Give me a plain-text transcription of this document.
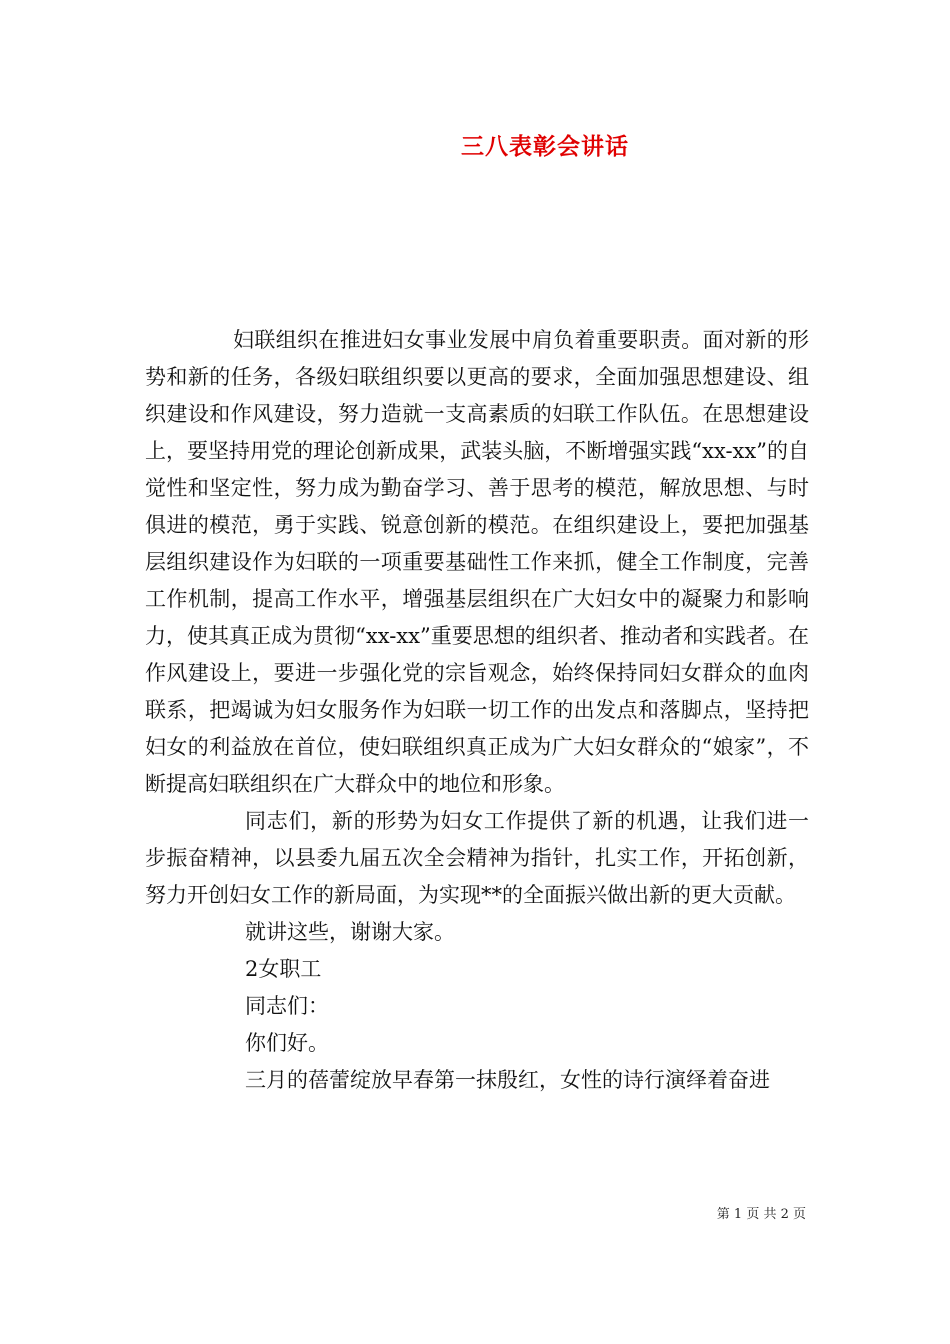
三八表彰会讲话

妇联组织在推进妇女事业发展中肩负着重要职责。面对新的形势和新的任务，各级妇联组织要以更高的要求，全面加强思想建设、组织建设和作风建设，努力造就一支高素质的妇联工作队伍。在思想建设上，要坚持用党的理论创新成果，武装头脑，不断增强实践“xx-xx”的自觉性和坚定性，努力成为勤奋学习、善于思考的模范，解放思想、与时俱进的模范，勇于实践、锐意创新的模范。在组织建设上，要把加强基层组织建设作为妇联的一项重要基础性工作来抓，健全工作制度，完善工作机制，提高工作水平，增强基层组织在广大妇女中的凝聚力和影响力，使其真正成为贯彻“xx-xx”重要思想的组织者、推动者和实践者。在作风建设上，要进一步强化党的宗旨观念，始终保持同妇女群众的血肉联系，把竭诚为妇女服务作为妇联一切工作的出发点和落脚点，坚持把妇女的利益放在首位，使妇联组织真正成为广大妇女群众的“娘家”，不断提高妇联组织在广大群众中的地位和形象。

同志们，新的形势为妇女工作提供了新的机遇，让我们进一步振奋精神，以县委九届五次全会精神为指针，扎实工作，开拓创新，努力开创妇女工作的新局面，为实现**的全面振兴做出新的更大贡献。

就讲这些，谢谢大家。

2女职工

同志们：

你们好。

三月的蓓蕾绽放早春第一抹殷红，女性的诗行演绎着奋进

第 1 页 共 2 页
